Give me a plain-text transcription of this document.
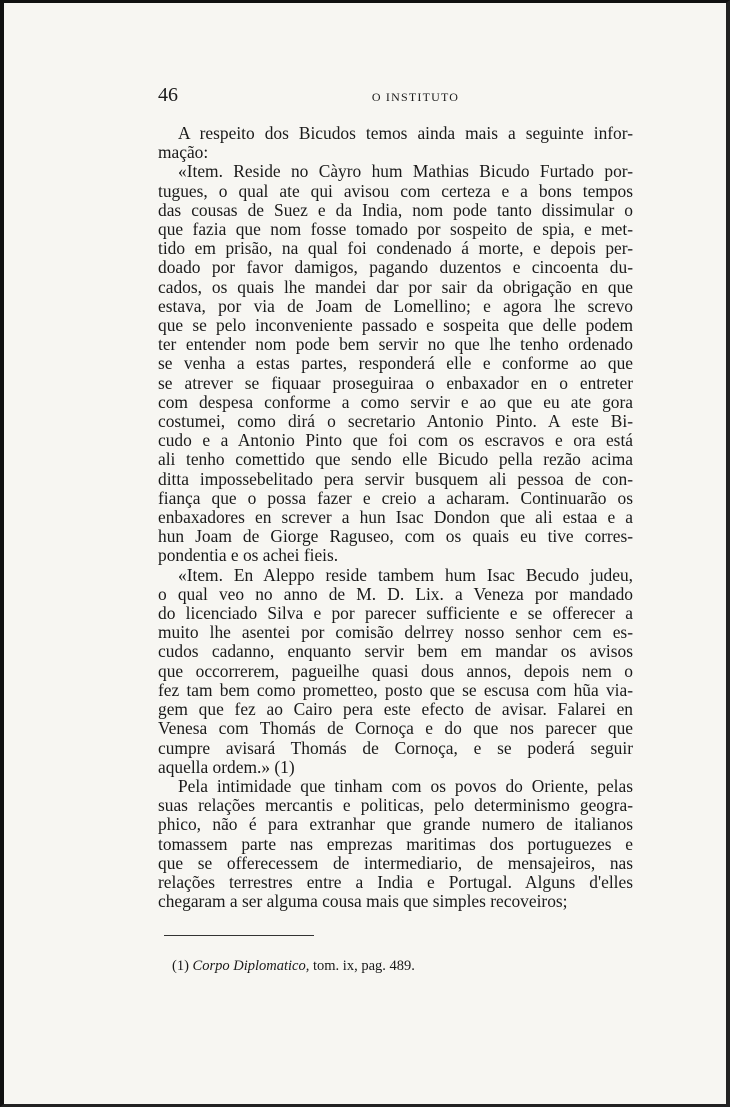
46	O INSTITUTO
A respeito dos Bicudos temos ainda mais a seguinte infor-
mação:
«Item. Reside no Càyro hum Mathias Bicudo Furtado por-
tugues, o qual ate qui avisou com certeza e a bons tempos
das cousas de Suez e da India, nom pode tanto dissimular o
que fazia que nom fosse tomado por sospeito de spia, e met-
tido em prisão, na qual foi condenado á morte, e depois per-
doado por favor damigos, pagando duzentos e cincoenta du-
cados, os quais lhe mandei dar por sair da obrigação en que
estava, por via de Joam de Lomellino; e agora lhe screvo
que se pelo inconveniente passado e sospeita que delle podem
ter entender nom pode bem servir no que lhe tenho ordenado
se venha a estas partes, responderá elle e conforme ao que
se atrever se fiquaar proseguiraa o enbaxador en o entreter
com despesa conforme a como servir e ao que eu ate gora
costumei, como dirá o secretario Antonio Pinto. A este Bi-
cudo e a Antonio Pinto que foi com os escravos e ora está
ali tenho comettido que sendo elle Bicudo pella rezão acima
ditta impossebelitado pera servir busquem ali pessoa de con-
fiança que o possa fazer e creio a acharam. Continuarão os
enbaxadores en screver a hun Isac Dondon que ali estaa e a
hun Joam de Giorge Raguseo, com os quais eu tive corres-
pondentia e os achei fieis.
«Item. En Aleppo reside tambem hum Isac Becudo judeu,
o qual veo no anno de M. D. Lix. a Veneza por mandado
do licenciado Silva e por parecer sufficiente e se offerecer a
muito lhe asentei por comisão delrrey nosso senhor cem es-
cudos cadanno, enquanto servir bem em mandar os avisos
que occorrerem, pagueilhe quasi dous annos, depois nem o
fez tam bem como prometteo, posto que se escusa com hũa via-
gem que fez ao Cairo pera este efecto de avisar. Falarei en
Venesa com Thomás de Cornoça e do que nos parecer que
cumpre avisará Thomás de Cornoça, e se poderá seguir
aquella ordem.» (1)
Pela intimidade que tinham com os povos do Oriente, pelas
suas relações mercantis e politicas, pelo determinismo geogra-
phico, não é para extranhar que grande numero de italianos
tomassem parte nas emprezas maritimas dos portuguezes e
que se offerecessem de intermediario, de mensajeiros, nas
relações terrestres entre a India e Portugal. Alguns d'elles
chegaram a ser alguma cousa mais que simples recoveiros;
(1) Corpo Diplomatico, tom. ix, pag. 489.
